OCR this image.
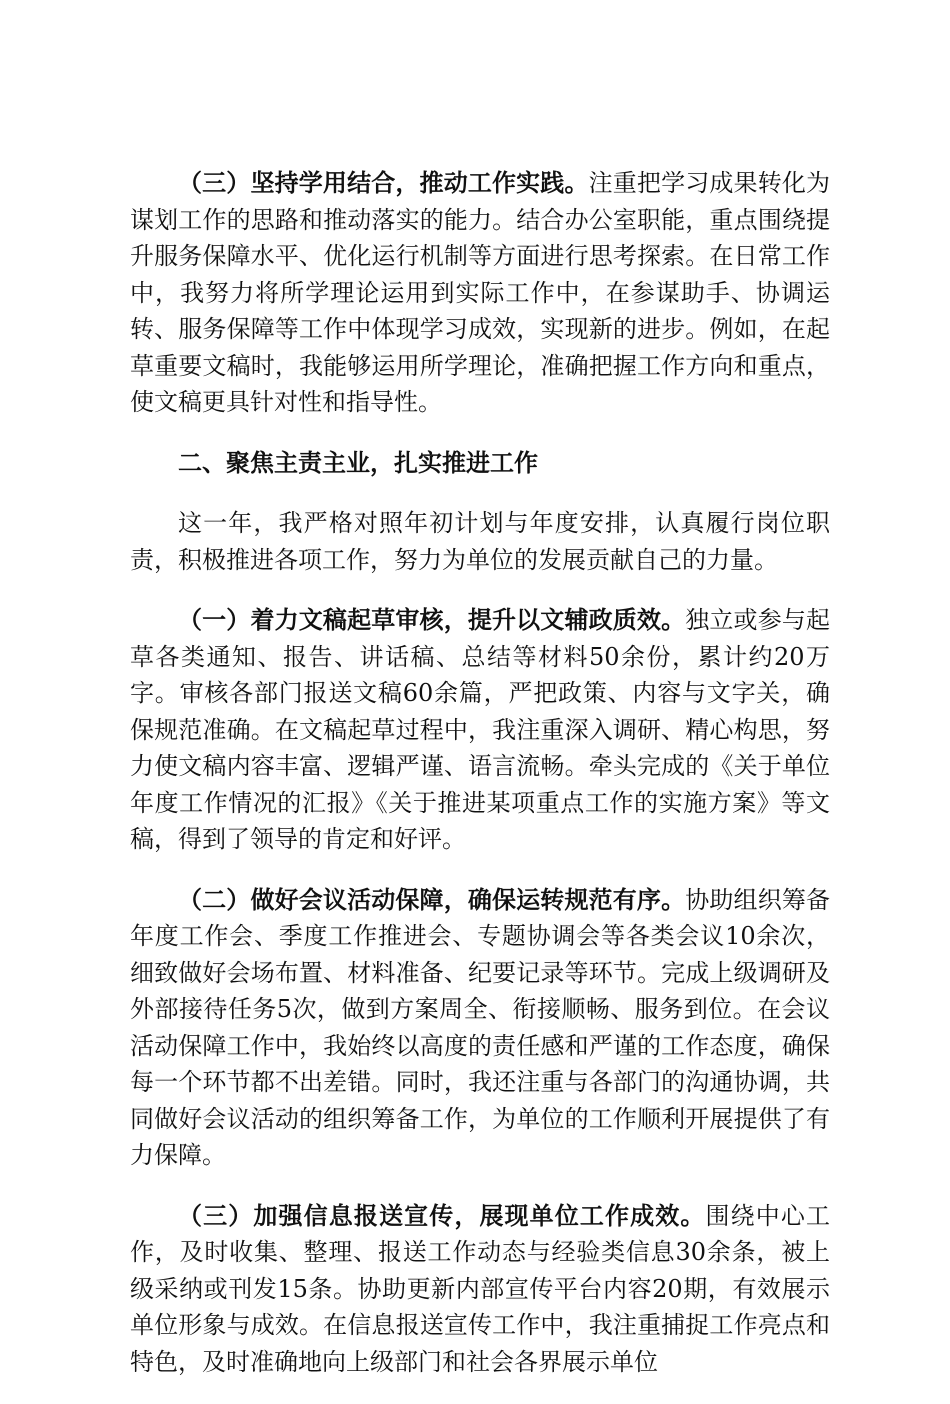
（三）坚持学用结合，推动工作实践。注重把学习成果转化为谋划工作的思路和推动落实的能力。结合办公室职能，重点围绕提升服务保障水平、优化运行机制等方面进行思考探索。在日常工作中，我努力将所学理论运用到实际工作中，在参谋助手、协调运转、服务保障等工作中体现学习成效，实现新的进步。例如，在起草重要文稿时，我能够运用所学理论，准确把握工作方向和重点，使文稿更具针对性和指导性。

二、聚焦主责主业，扎实推进工作

这一年，我严格对照年初计划与年度安排，认真履行岗位职责，积极推进各项工作，努力为单位的发展贡献自己的力量。

（一）着力文稿起草审核，提升以文辅政质效。独立或参与起草各类通知、报告、讲话稿、总结等材料50余份，累计约20万字。审核各部门报送文稿60余篇，严把政策、内容与文字关，确保规范准确。在文稿起草过程中，我注重深入调研、精心构思，努力使文稿内容丰富、逻辑严谨、语言流畅。牵头完成的《关于单位年度工作情况的汇报》《关于推进某项重点工作的实施方案》等文稿，得到了领导的肯定和好评。

（二）做好会议活动保障，确保运转规范有序。协助组织筹备年度工作会、季度工作推进会、专题协调会等各类会议10余次，细致做好会场布置、材料准备、纪要记录等环节。完成上级调研及外部接待任务5次，做到方案周全、衔接顺畅、服务到位。在会议活动保障工作中，我始终以高度的责任感和严谨的工作态度，确保每一个环节都不出差错。同时，我还注重与各部门的沟通协调，共同做好会议活动的组织筹备工作，为单位的工作顺利开展提供了有力保障。

（三）加强信息报送宣传，展现单位工作成效。围绕中心工作，及时收集、整理、报送工作动态与经验类信息30余条，被上级采纳或刊发15条。协助更新内部宣传平台内容20期，有效展示单位形象与成效。在信息报送宣传工作中，我注重捕捉工作亮点和特色，及时准确地向上级部门和社会各界展示单位
